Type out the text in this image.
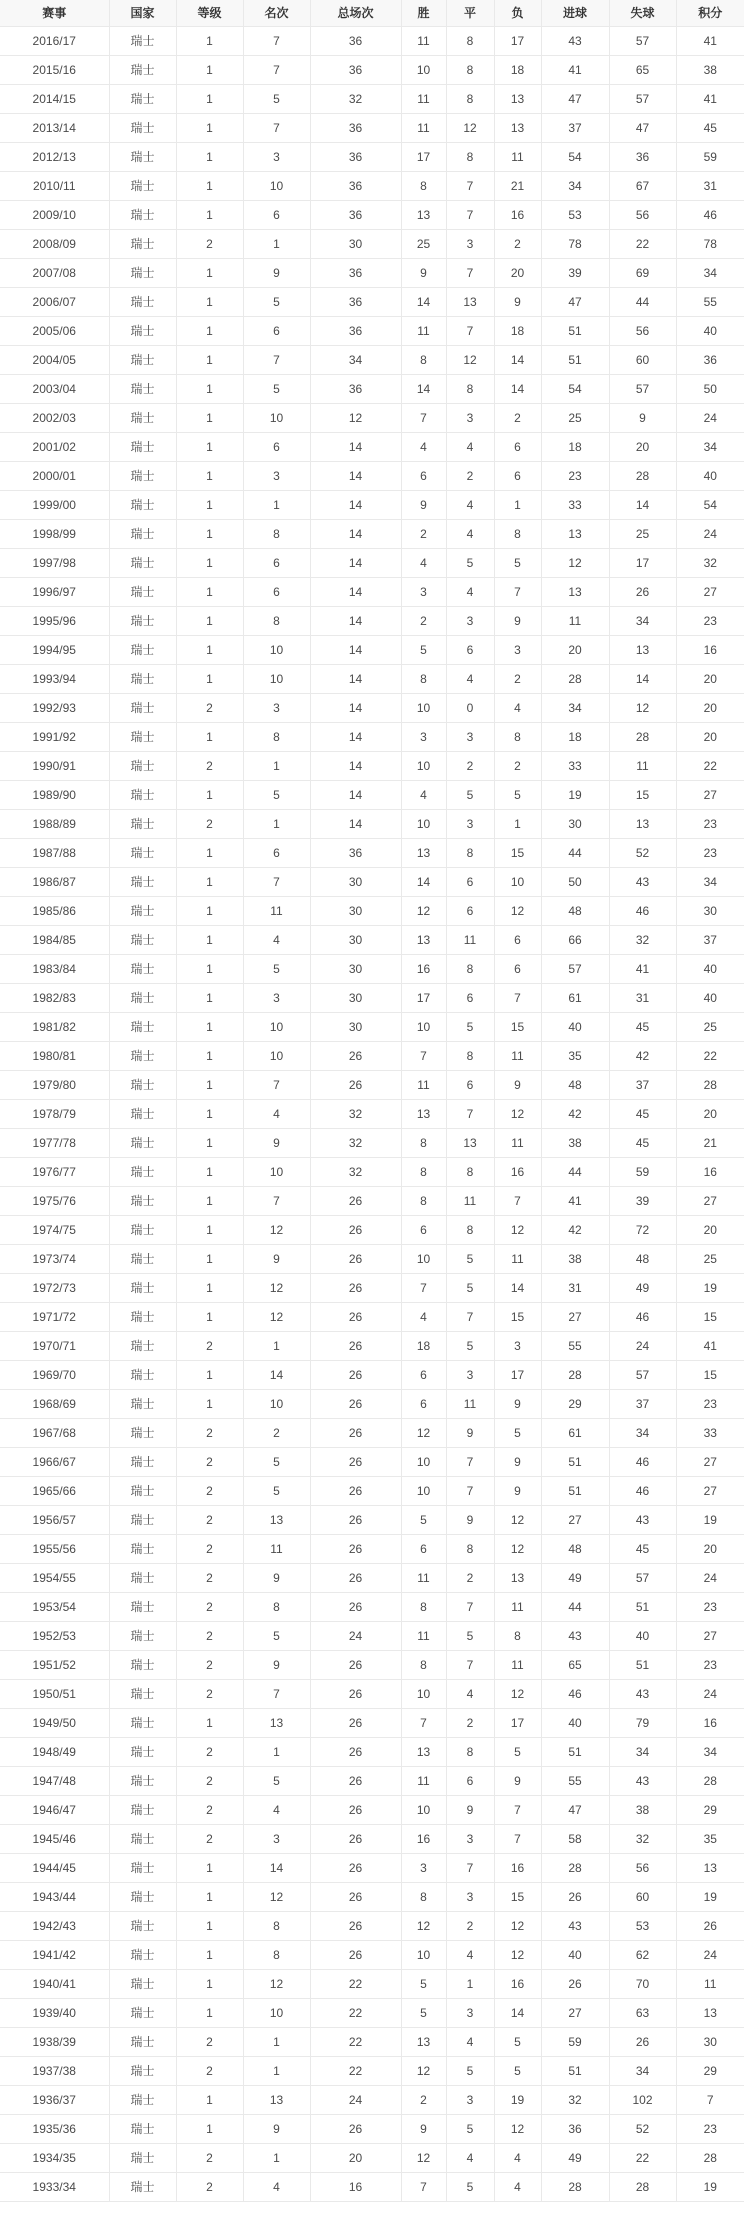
赛事	国家	等级	名次	总场次	胜	平	负	进球	失球	积分
2016/17	瑞士	1	7	36	11	8	17	43	57	41
2015/16	瑞士	1	7	36	10	8	18	41	65	38
2014/15	瑞士	1	5	32	11	8	13	47	57	41
2013/14	瑞士	1	7	36	11	12	13	37	47	45
2012/13	瑞士	1	3	36	17	8	11	54	36	59
2010/11	瑞士	1	10	36	8	7	21	34	67	31
2009/10	瑞士	1	6	36	13	7	16	53	56	46
2008/09	瑞士	2	1	30	25	3	2	78	22	78
2007/08	瑞士	1	9	36	9	7	20	39	69	34
2006/07	瑞士	1	5	36	14	13	9	47	44	55
2005/06	瑞士	1	6	36	11	7	18	51	56	40
2004/05	瑞士	1	7	34	8	12	14	51	60	36
2003/04	瑞士	1	5	36	14	8	14	54	57	50
2002/03	瑞士	1	10	12	7	3	2	25	9	24
2001/02	瑞士	1	6	14	4	4	6	18	20	34
2000/01	瑞士	1	3	14	6	2	6	23	28	40
1999/00	瑞士	1	1	14	9	4	1	33	14	54
1998/99	瑞士	1	8	14	2	4	8	13	25	24
1997/98	瑞士	1	6	14	4	5	5	12	17	32
1996/97	瑞士	1	6	14	3	4	7	13	26	27
1995/96	瑞士	1	8	14	2	3	9	11	34	23
1994/95	瑞士	1	10	14	5	6	3	20	13	16
1993/94	瑞士	1	10	14	8	4	2	28	14	20
1992/93	瑞士	2	3	14	10	0	4	34	12	20
1991/92	瑞士	1	8	14	3	3	8	18	28	20
1990/91	瑞士	2	1	14	10	2	2	33	11	22
1989/90	瑞士	1	5	14	4	5	5	19	15	27
1988/89	瑞士	2	1	14	10	3	1	30	13	23
1987/88	瑞士	1	6	36	13	8	15	44	52	23
1986/87	瑞士	1	7	30	14	6	10	50	43	34
1985/86	瑞士	1	11	30	12	6	12	48	46	30
1984/85	瑞士	1	4	30	13	11	6	66	32	37
1983/84	瑞士	1	5	30	16	8	6	57	41	40
1982/83	瑞士	1	3	30	17	6	7	61	31	40
1981/82	瑞士	1	10	30	10	5	15	40	45	25
1980/81	瑞士	1	10	26	7	8	11	35	42	22
1979/80	瑞士	1	7	26	11	6	9	48	37	28
1978/79	瑞士	1	4	32	13	7	12	42	45	20
1977/78	瑞士	1	9	32	8	13	11	38	45	21
1976/77	瑞士	1	10	32	8	8	16	44	59	16
1975/76	瑞士	1	7	26	8	11	7	41	39	27
1974/75	瑞士	1	12	26	6	8	12	42	72	20
1973/74	瑞士	1	9	26	10	5	11	38	48	25
1972/73	瑞士	1	12	26	7	5	14	31	49	19
1971/72	瑞士	1	12	26	4	7	15	27	46	15
1970/71	瑞士	2	1	26	18	5	3	55	24	41
1969/70	瑞士	1	14	26	6	3	17	28	57	15
1968/69	瑞士	1	10	26	6	11	9	29	37	23
1967/68	瑞士	2	2	26	12	9	5	61	34	33
1966/67	瑞士	2	5	26	10	7	9	51	46	27
1965/66	瑞士	2	5	26	10	7	9	51	46	27
1956/57	瑞士	2	13	26	5	9	12	27	43	19
1955/56	瑞士	2	11	26	6	8	12	48	45	20
1954/55	瑞士	2	9	26	11	2	13	49	57	24
1953/54	瑞士	2	8	26	8	7	11	44	51	23
1952/53	瑞士	2	5	24	11	5	8	43	40	27
1951/52	瑞士	2	9	26	8	7	11	65	51	23
1950/51	瑞士	2	7	26	10	4	12	46	43	24
1949/50	瑞士	1	13	26	7	2	17	40	79	16
1948/49	瑞士	2	1	26	13	8	5	51	34	34
1947/48	瑞士	2	5	26	11	6	9	55	43	28
1946/47	瑞士	2	4	26	10	9	7	47	38	29
1945/46	瑞士	2	3	26	16	3	7	58	32	35
1944/45	瑞士	1	14	26	3	7	16	28	56	13
1943/44	瑞士	1	12	26	8	3	15	26	60	19
1942/43	瑞士	1	8	26	12	2	12	43	53	26
1941/42	瑞士	1	8	26	10	4	12	40	62	24
1940/41	瑞士	1	12	22	5	1	16	26	70	11
1939/40	瑞士	1	10	22	5	3	14	27	63	13
1938/39	瑞士	2	1	22	13	4	5	59	26	30
1937/38	瑞士	2	1	22	12	5	5	51	34	29
1936/37	瑞士	1	13	24	2	3	19	32	102	7
1935/36	瑞士	1	9	26	9	5	12	36	52	23
1934/35	瑞士	2	1	20	12	4	4	49	22	28
1933/34	瑞士	2	4	16	7	5	4	28	28	19
